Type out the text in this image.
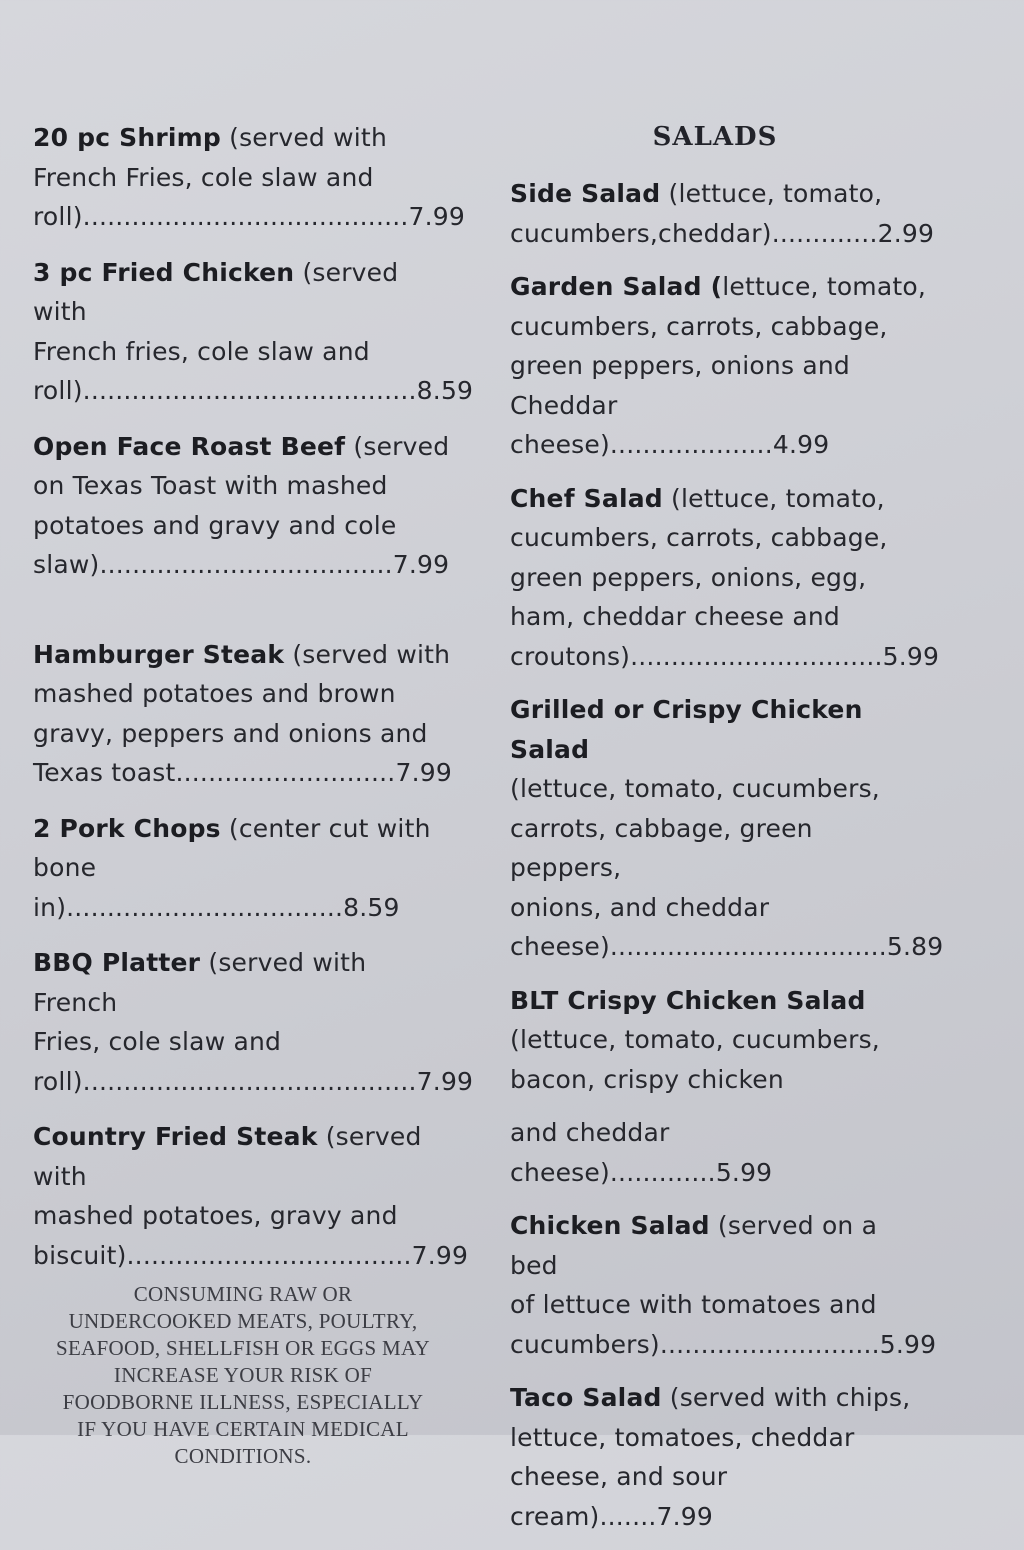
20 pc Shrimp (served with
French Fries, cole slaw and
roll)........................................7.99
3 pc Fried Chicken (served with
French fries, cole slaw and
roll).........................................8.59
Open Face Roast Beef (served
on Texas Toast with mashed
potatoes and gravy and cole
slaw)....................................7.99
Hamburger Steak (served with
mashed potatoes and brown
gravy, peppers and onions and
Texas toast...........................7.99
2 Pork Chops (center cut with
bone in)..................................8.59
BBQ Platter (served with French
Fries, cole slaw and
roll).........................................7.99
Country Fried Steak (served with
mashed potatoes, gravy and
biscuit)...................................7.99
CONSUMING RAW OR
UNDERCOOKED MEATS, POULTRY,
SEAFOOD, SHELLFISH OR EGGS MAY
INCREASE YOUR RISK OF
FOODBORNE ILLNESS, ESPECIALLY
IF YOU HAVE CERTAIN MEDICAL
CONDITIONS.
SALADS
Side Salad (lettuce, tomato,
cucumbers,cheddar).............2.99
Garden Salad (lettuce, tomato,
cucumbers, carrots, cabbage,
green peppers, onions and
Cheddar cheese)....................4.99
Chef Salad (lettuce, tomato,
cucumbers, carrots, cabbage,
green peppers, onions, egg,
ham, cheddar cheese and
croutons)...............................5.99
Grilled or Crispy Chicken Salad
(lettuce, tomato, cucumbers,
carrots, cabbage, green peppers,
onions, and cheddar
cheese)..................................5.89
BLT Crispy Chicken Salad
(lettuce, tomato, cucumbers,
bacon, crispy chicken

and cheddar cheese).............5.99
Chicken Salad (served on a bed
of lettuce with tomatoes and
cucumbers)...........................5.99
Taco Salad (served with chips,
lettuce, tomatoes, cheddar
cheese, and sour cream).......7.99
